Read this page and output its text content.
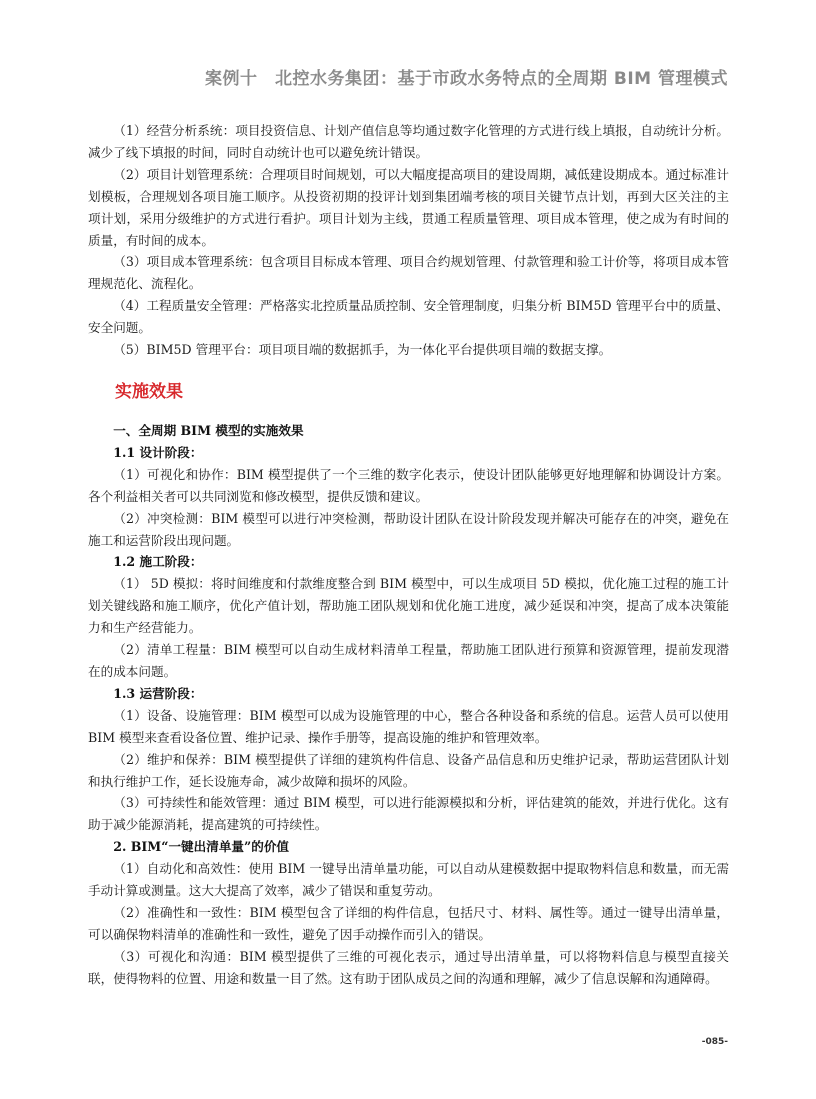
案例十　北控水务集团：基于市政水务特点的全周期 BIM 管理模式

（1）经营分析系统：项目投资信息、计划产值信息等均通过数字化管理的方式进行线上填报，自动统计分析。减少了线下填报的时间，同时自动统计也可以避免统计错误。

（2）项目计划管理系统：合理项目时间规划，可以大幅度提高项目的建设周期，减低建设期成本。通过标准计划模板，合理规划各项目施工顺序。从投资初期的投评计划到集团端考核的项目关键节点计划，再到大区关注的主项计划，采用分级维护的方式进行看护。项目计划为主线，贯通工程质量管理、项目成本管理，使之成为有时间的质量，有时间的成本。

（3）项目成本管理系统：包含项目目标成本管理、项目合约规划管理、付款管理和验工计价等，将项目成本管理规范化、流程化。

（4）工程质量安全管理：严格落实北控质量品质控制、安全管理制度，归集分析 BIM5D 管理平台中的质量、安全问题。

（5）BIM5D 管理平台：项目项目端的数据抓手，为一体化平台提供项目端的数据支撑。

实施效果
一、全周期 BIM 模型的实施效果
1.1 设计阶段：

（1）可视化和协作：BIM 模型提供了一个三维的数字化表示，使设计团队能够更好地理解和协调设计方案。各个利益相关者可以共同浏览和修改模型，提供反馈和建议。

（2）冲突检测：BIM 模型可以进行冲突检测，帮助设计团队在设计阶段发现并解决可能存在的冲突，避免在施工和运营阶段出现问题。

1.2 施工阶段：

（1） 5D 模拟：将时间维度和付款维度整合到 BIM 模型中，可以生成项目 5D 模拟，优化施工过程的施工计划关键线路和施工顺序，优化产值计划，帮助施工团队规划和优化施工进度，减少延误和冲突，提高了成本决策能力和生产经营能力。

（2）清单工程量：BIM 模型可以自动生成材料清单工程量，帮助施工团队进行预算和资源管理，提前发现潜在的成本问题。

1.3 运营阶段：

（1）设备、设施管理：BIM 模型可以成为设施管理的中心，整合各种设备和系统的信息。运营人员可以使用 BIM 模型来查看设备位置、维护记录、操作手册等，提高设施的维护和管理效率。

（2）维护和保养：BIM 模型提供了详细的建筑构件信息、设备产品信息和历史维护记录，帮助运营团队计划和执行维护工作，延长设施寿命，减少故障和损坏的风险。

（3）可持续性和能效管理：通过 BIM 模型，可以进行能源模拟和分析，评估建筑的能效，并进行优化。这有助于减少能源消耗，提高建筑的可持续性。

2. BIM“一键出清单量”的价值

（1）自动化和高效性：使用 BIM 一键导出清单量功能，可以自动从建模数据中提取物料信息和数量，而无需手动计算或测量。这大大提高了效率，减少了错误和重复劳动。

（2）准确性和一致性：BIM 模型包含了详细的构件信息，包括尺寸、材料、属性等。通过一键导出清单量，可以确保物料清单的准确性和一致性，避免了因手动操作而引入的错误。

（3）可视化和沟通：BIM 模型提供了三维的可视化表示，通过导出清单量，可以将物料信息与模型直接关联，使得物料的位置、用途和数量一目了然。这有助于团队成员之间的沟通和理解，减少了信息误解和沟通障碍。

-085-
